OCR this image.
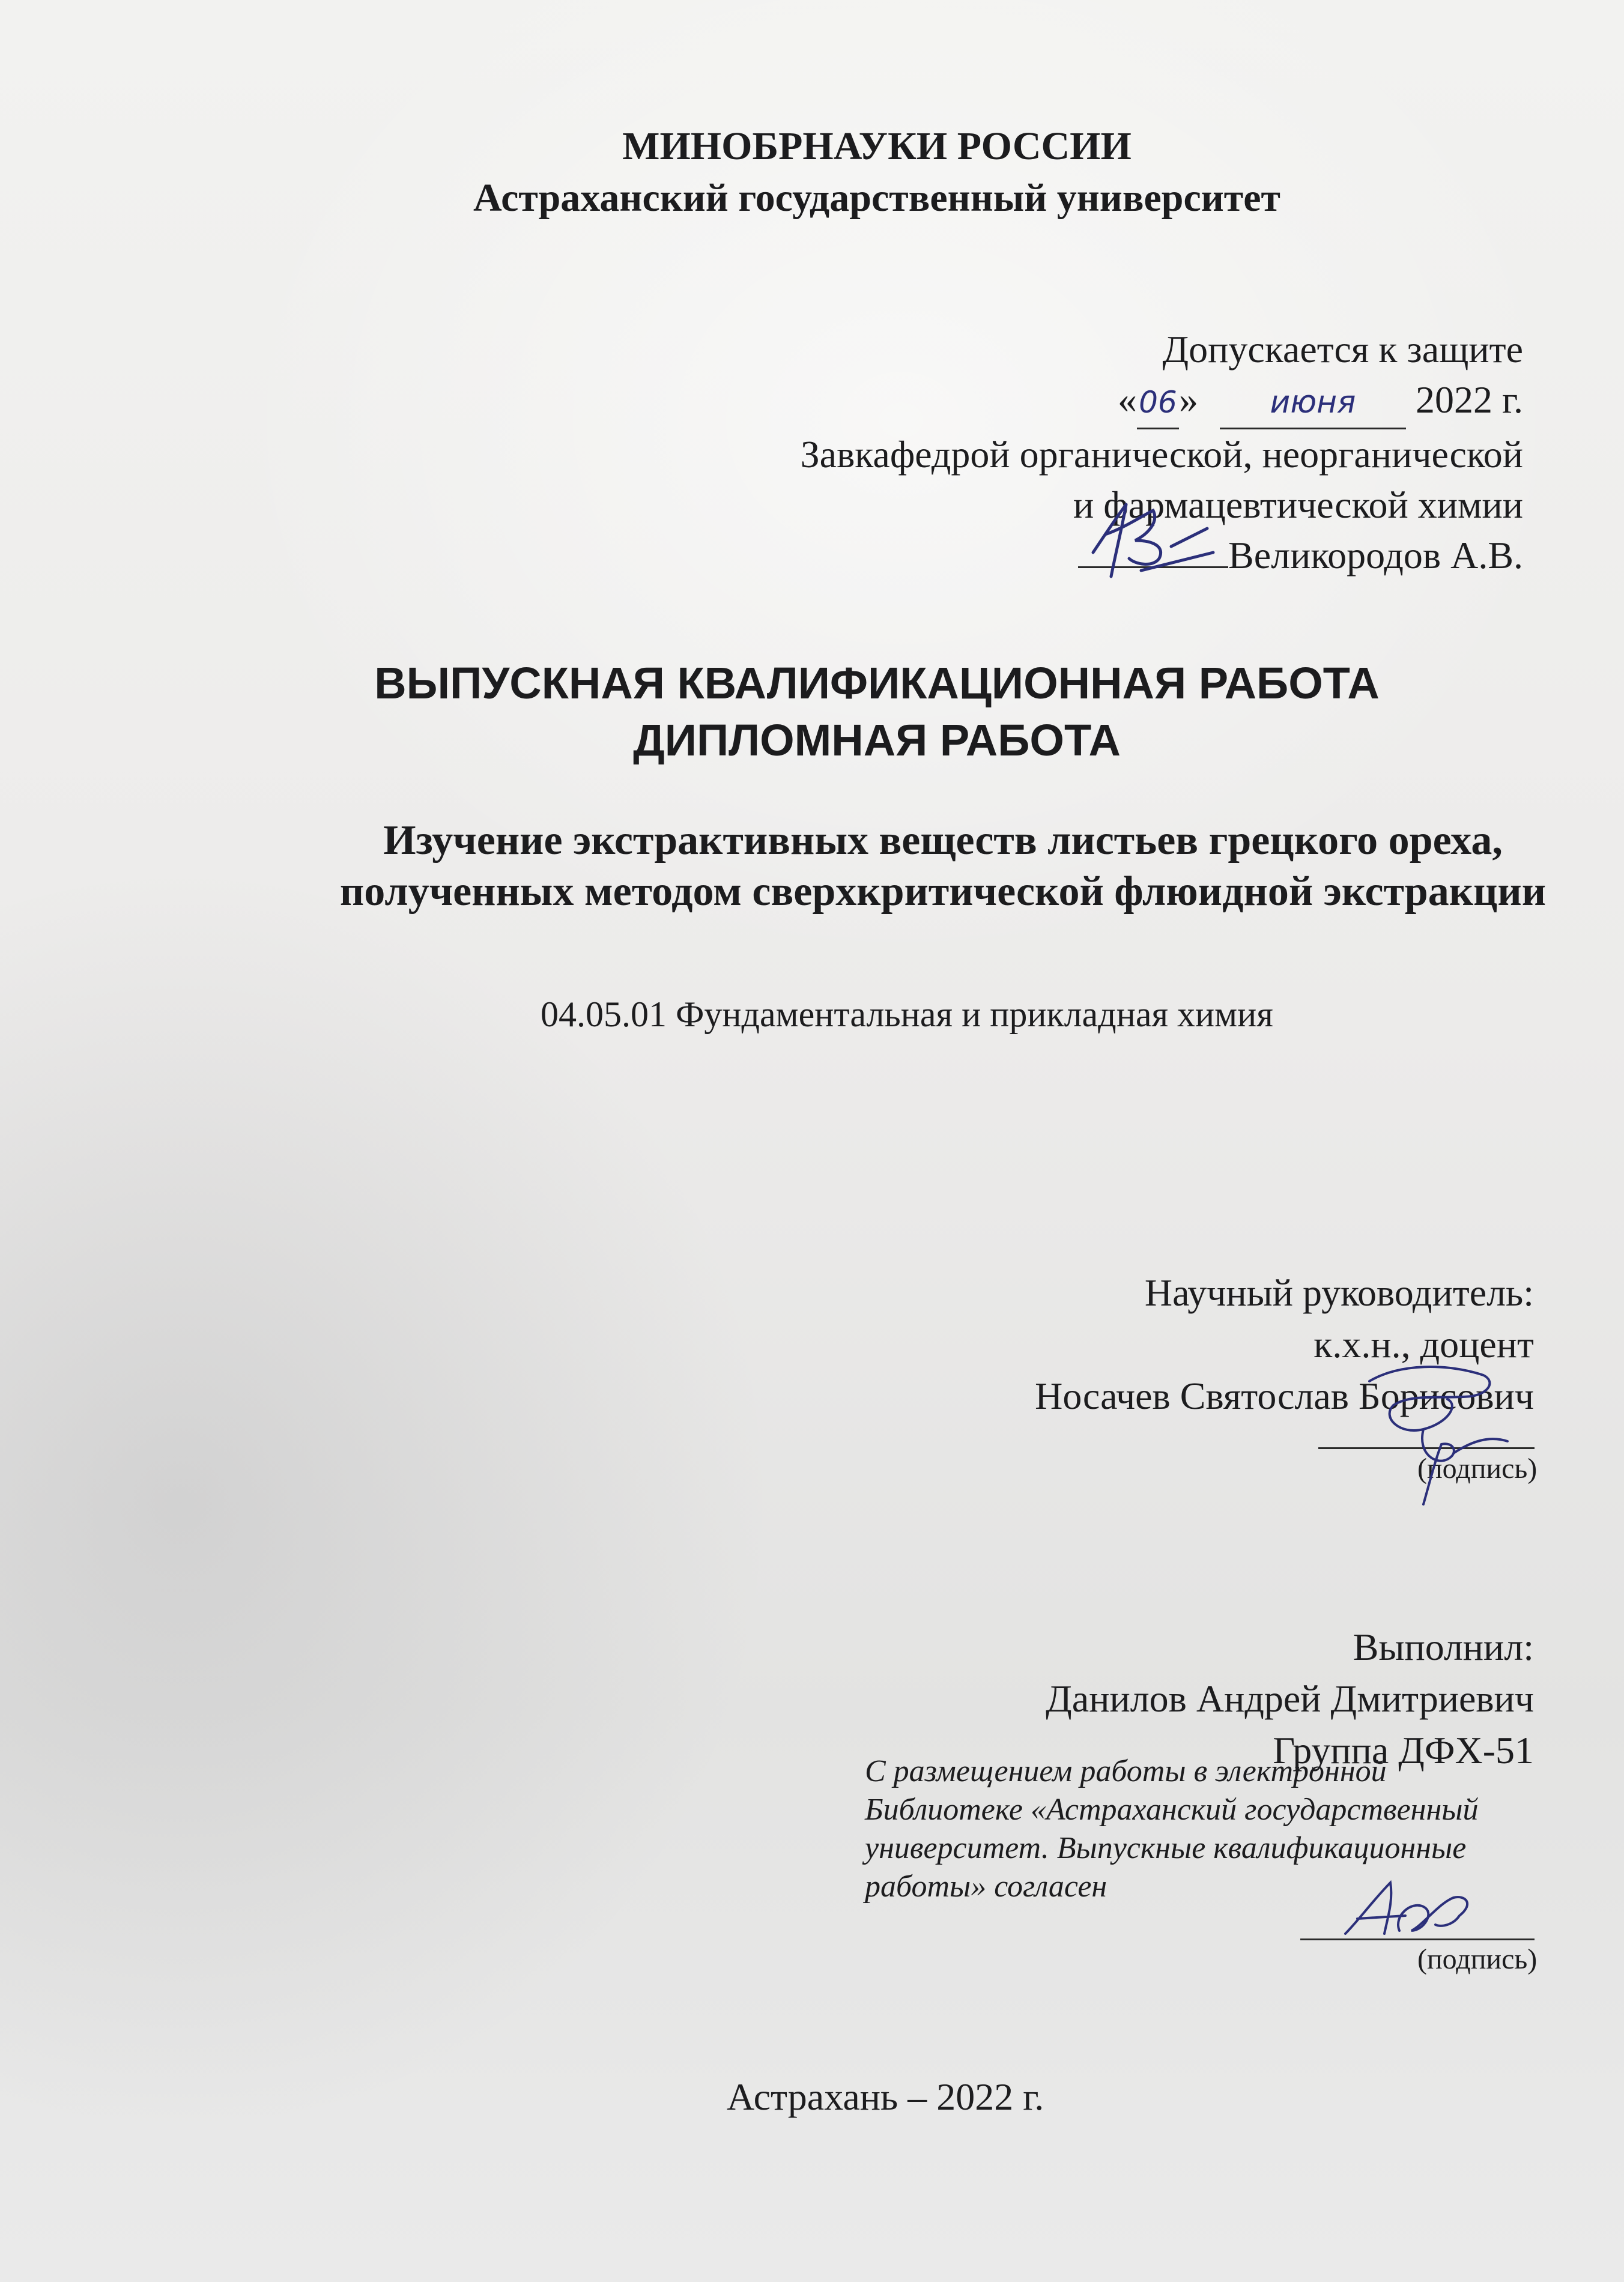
МИНОБРНАУКИ РОССИИ
Астраханский государственный университет
Допускается к защите
«06» июня 2022 г.
Завкафедрой органической, неорганической
и фармацевтической химии
Великородов А.В.
ВЫПУСКНАЯ КВАЛИФИКАЦИОННАЯ РАБОТА
ДИПЛОМНАЯ РАБОТА
Изучение экстрактивных веществ листьев грецкого ореха,
полученных методом сверхкритической флюидной экстракции
04.05.01 Фундаментальная и прикладная химия
Научный руководитель:
к.х.н., доцент
Носачев Святослав Борисович
(подпись)
Выполнил:
Данилов Андрей Дмитриевич
Группа ДФХ-51
С размещением работы в электронной
Библиотеке «Астраханский государственный
университет. Выпускные квалификационные
работы» согласен
(подпись)
Астрахань – 2022 г.
